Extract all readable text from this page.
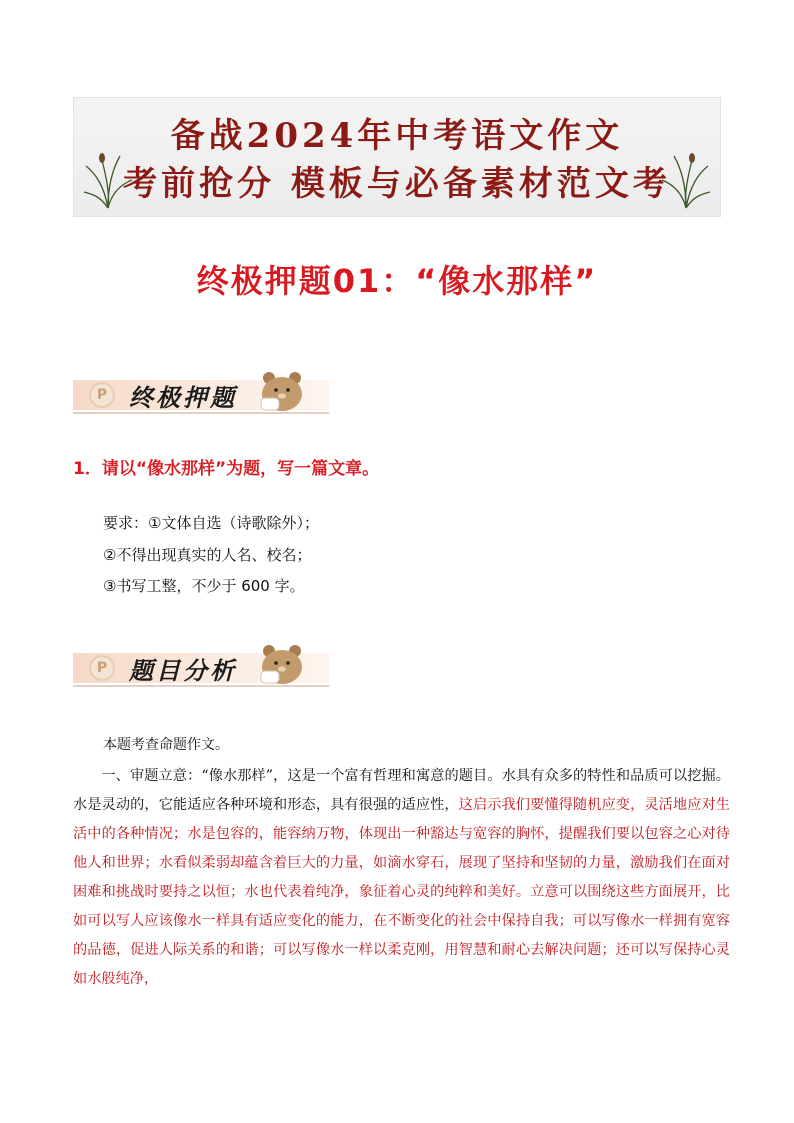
备战2024年中考语文作文
考前抢分 模板与必备素材范文考
终极押题01：“像水那样”
P 终极押题
1．请以“像水那样”为题，写一篇文章。
要求：①文体自选（诗歌除外）；
②不得出现真实的人名、校名；
③书写工整，不少于 600 字。
P 题目分析
本题考查命题作文。
一、审题立意：“像水那样”，这是一个富有哲理和寓意的题目。水具有众多的特性和品质可以挖掘。水是灵动的，它能适应各种环境和形态，具有很强的适应性，这启示我们要懂得随机应变，灵活地应对生活中的各种情况；水是包容的，能容纳万物，体现出一种豁达与宽容的胸怀，提醒我们要以包容之心对待他人和世界；水看似柔弱却蕴含着巨大的力量，如滴水穿石，展现了坚持和坚韧的力量，激励我们在面对困难和挑战时要持之以恒；水也代表着纯净，象征着心灵的纯粹和美好。立意可以围绕这些方面展开，比如可以写人应该像水一样具有适应变化的能力，在不断变化的社会中保持自我；可以写像水一样拥有宽容的品德，促进人际关系的和谐；可以写像水一样以柔克刚，用智慧和耐心去解决问题；还可以写保持心灵如水般纯净，
